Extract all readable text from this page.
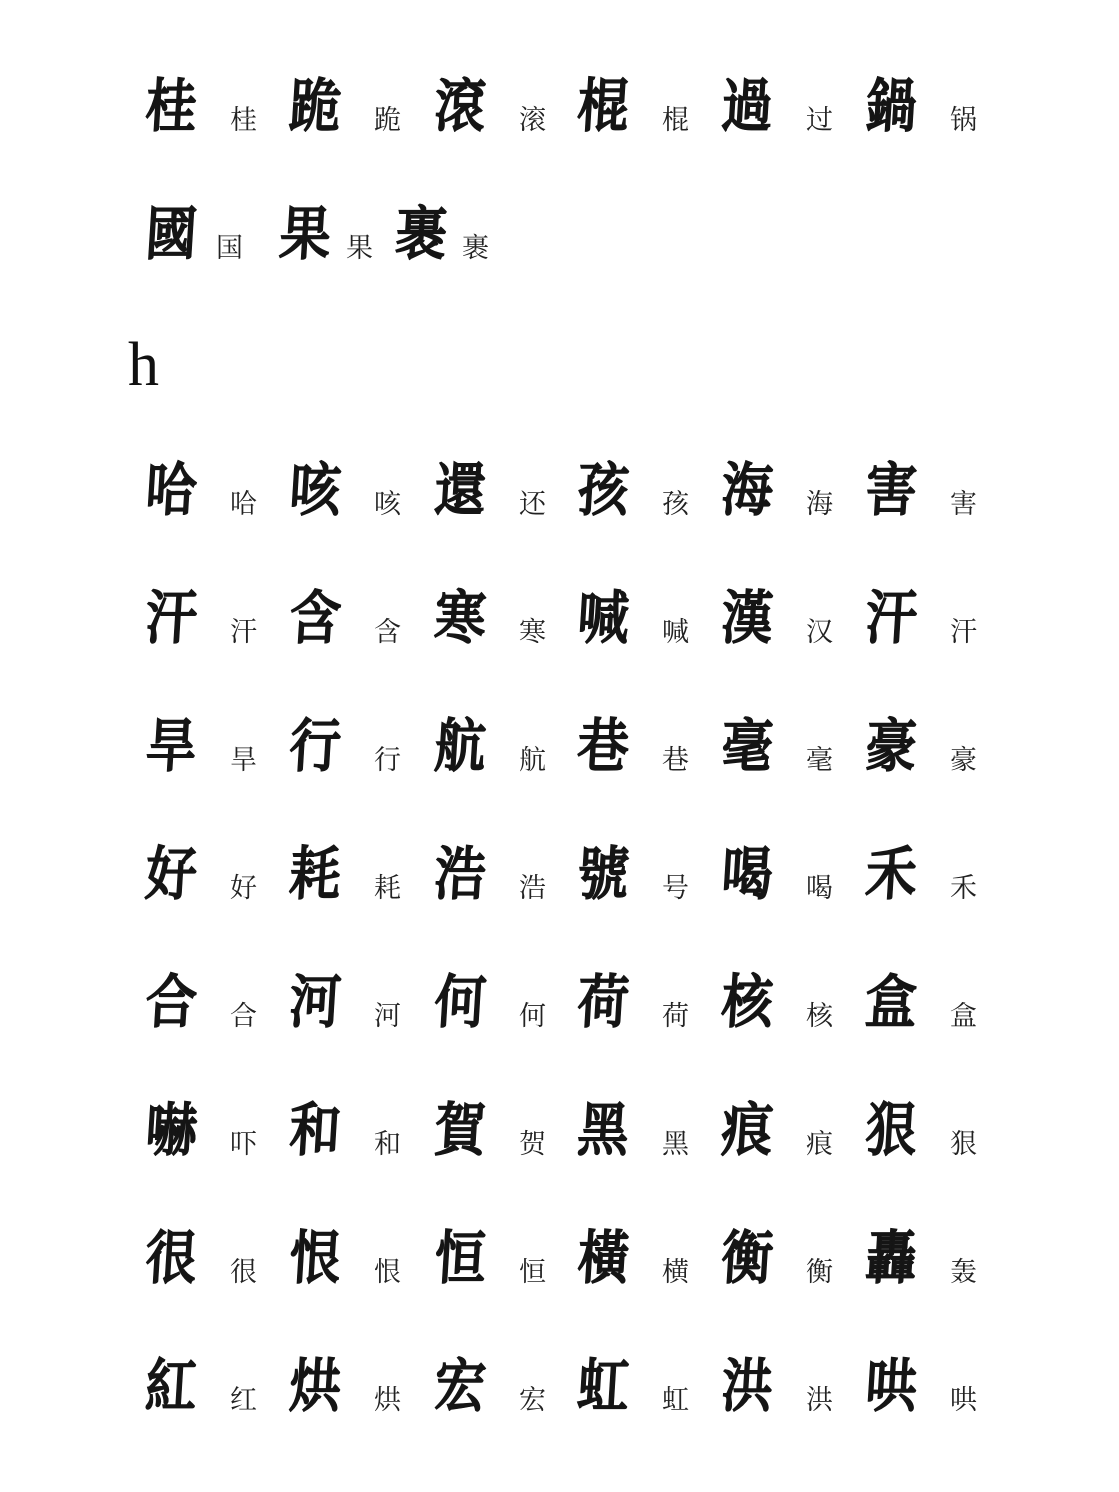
桂 桂 跪 跪 滾 滚 棍 棍 過 过 鍋 锅
國 国 果 果 裹 裹
h
哈 哈 咳 咳 還 还 孩 孩 海 海 害 害
汗 汗 含 含 寒 寒 喊 喊 漢 汉 汗 汗
旱 旱 行 行 航 航 巷 巷 毫 毫 豪 豪
好 好 耗 耗 浩 浩 號 号 喝 喝 禾 禾
合 合 河 河 何 何 荷 荷 核 核 盒 盒
嚇 吓 和 和 賀 贺 黑 黑 痕 痕 狠 狠
很 很 恨 恨 恒 恒 橫 横 衡 衡 轟 轰
紅 红 烘 烘 宏 宏 虹 虹 洪 洪 哄 哄
